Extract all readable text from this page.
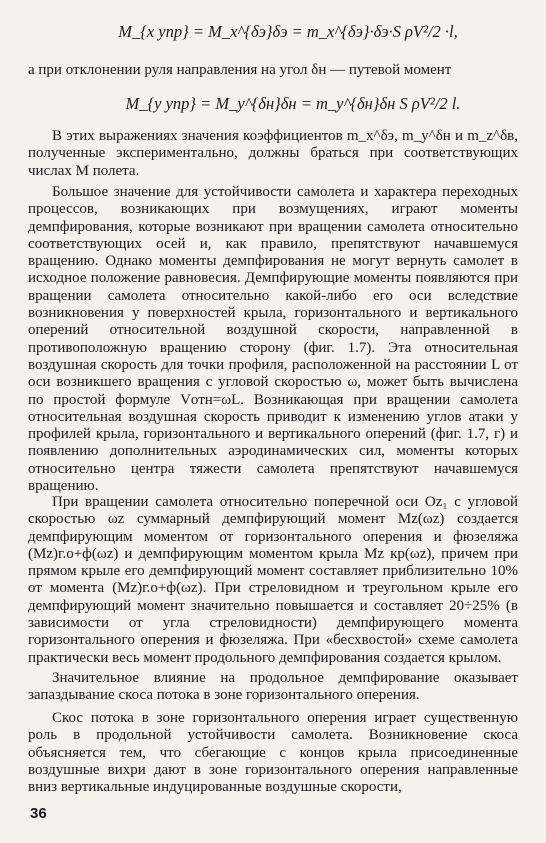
M_{x упр} = M_x^{δэ}δэ = m_x^{δэ}·δэ·S ρV²/2 ·l,
а при отклонении руля направления на угол δн — путевой момент
M_{y упр} = M_y^{δн}δн = m_y^{δн}δн S ρV²/2 l.
В этих выражениях значения коэффициентов m_x^δэ, m_y^δн и m_z^δв, полученные экспериментально, должны браться при соответствующих числах М полета.
Большое значение для устойчивости самолета и характера переходных процессов, возникающих при возмущениях, играют моменты демпфирования, которые возникают при вращении самолета относительно соответствующих осей и, как правило, препятствуют начавшемуся вращению. Однако моменты демпфирования не могут вернуть самолет в исходное положение равновесия. Демпфирующие моменты появляются при вращении самолета относительно какой-либо его оси вследствие возникновения у поверхностей крыла, горизонтального и вертикального оперений относительной воздушной скорости, направленной в противоположную вращению сторону (фиг. 1.7). Эта относительная воздушная скорость для точки профиля, расположенной на расстоянии L от оси возникшего вращения с угловой скоростью ω, может быть вычислена по простой формуле Vотн=ωL. Возникающая при вращении самолета относительная воздушная скорость приводит к изменению углов атаки у профилей крыла, горизонтального и вертикального оперений (фиг. 1.7, г) и появлению дополнительных аэродинамических сил, моменты которых относительно центра тяжести самолета препятствуют начавшемуся вращению.
При вращении самолета относительно поперечной оси Oz₁ с угловой скоростью ωz суммарный демпфирующий момент Mz(ωz) создается демпфирующим моментом от горизонтального оперения и фюзеляжа (Mz)г.о+ф(ωz) и демпфирующим моментом крыла Mz кр(ωz), причем при прямом крыле его демпфирующий момент составляет приблизительно 10% от момента (Mz)г.о+ф(ωz). При стреловидном и треугольном крыле его демпфирующий момент значительно повышается и составляет 20÷25% (в зависимости от угла стреловидности) демпфирующего момента горизонтального оперения и фюзеляжа. При «бесхвостой» схеме самолета практически весь момент продольного демпфирования создается крылом.
Значительное влияние на продольное демпфирование оказывает запаздывание скоса потока в зоне горизонтального оперения.
Скос потока в зоне горизонтального оперения играет существенную роль в продольной устойчивости самолета. Возникновение скоса объясняется тем, что сбегающие с концов крыла присоединенные воздушные вихри дают в зоне горизонтального оперения направленные вниз вертикальные индуцированные воздушные скорости,
36
